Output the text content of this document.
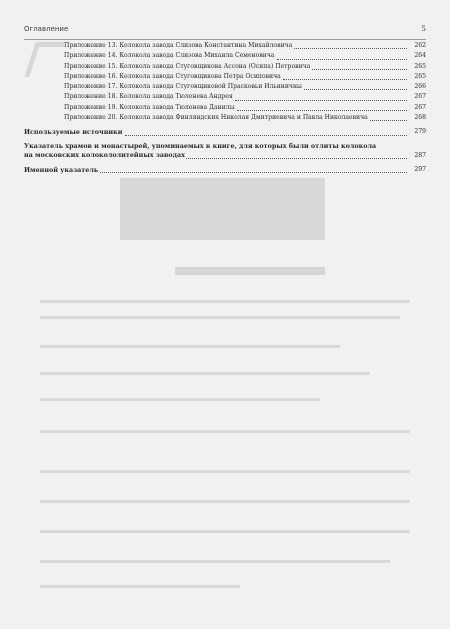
Оглавление	5
Приложение 13. Колокола завода Слизова Константина Михайловича	262
Приложение 14. Колокола завода Слизова Михаила Семеновича	264
Приложение 15. Колокола завода Стуговщикова Ассона (Осипа) Петровича	265
Приложение 16. Колокола завода Стуговщикова Петра Осиповича	265
Приложение 17. Колокола завода Стуговщиковой Прасковьи Ильиничны	266
Приложение 18. Колокола завода Тюленева Андрея	267
Приложение 19. Колокола завода Тюленева Данилы	267
Приложение 20. Колокола завода Финляндских Николая Дмитриевича и Павла Николаевича	268
Используемые источники	279
Указатель храмов и монастырей, упоминаемых в книге, для которых были отлиты колокола
на московских колокололитейных заводах	287
Именной указатель	297
